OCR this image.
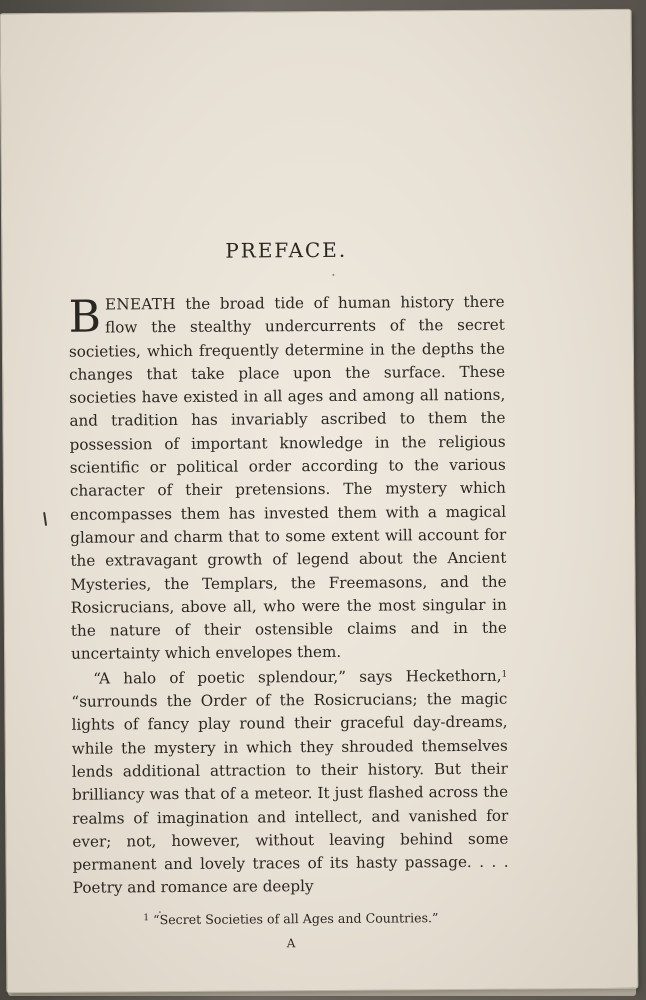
PREFACE.

BENEATH the broad tide of human history there flow the stealthy undercurrents of the secret societies, which frequently determine in the depths the changes that take place upon the surface. These societies have existed in all ages and among all nations, and tradition has invariably ascribed to them the possession of important knowledge in the religious scientific or political order according to the various character of their pretensions. The mystery which encompasses them has invested them with a magical glamour and charm that to some extent will account for the extravagant growth of legend about the Ancient Mysteries, the Templars, the Freemasons, and the Rosicrucians, above all, who were the most singular in the nature of their ostensible claims and in the uncertainty which envelopes them.

“A halo of poetic splendour,” says Heckethorn,$^1$ “surrounds the Order of the Rosicrucians; the magic lights of fancy play round their graceful day-dreams, while the mystery in which they shrouded themselves lends additional attraction to their history. But their brilliancy was that of a meteor. It just flashed across the realms of imagination and intellect, and vanished for ever; not, however, without leaving behind some permanent and lovely traces of its hasty passage. . . . Poetry and romance are deeply

$^1$ “Secret Societies of all Ages and Countries.”
A
